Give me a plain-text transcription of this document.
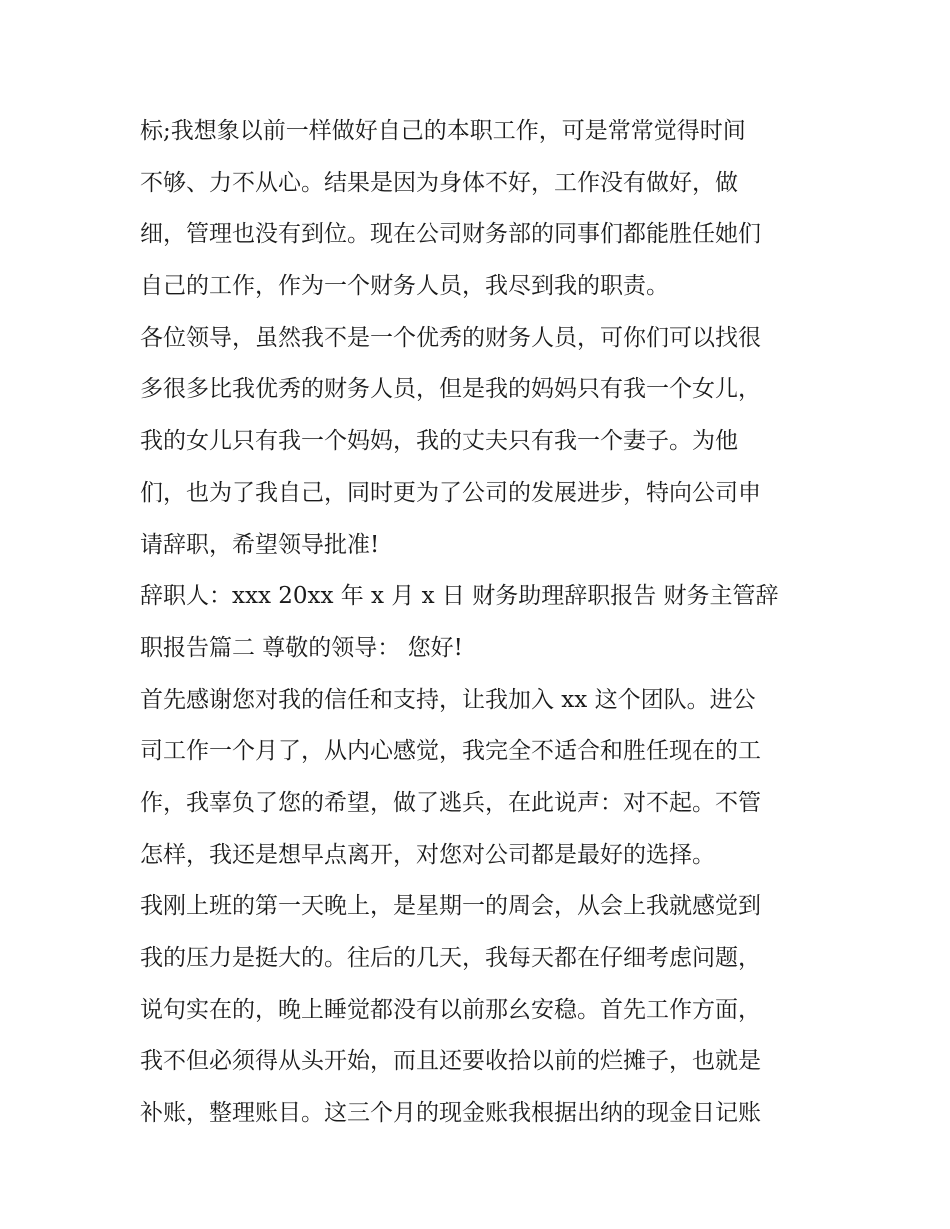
标;我想象以前一样做好自己的本职工作，可是常常觉得时间
不够、力不从心。结果是因为身体不好，工作没有做好，做
细，管理也没有到位。现在公司财务部的同事们都能胜任她们
自己的工作，作为一个财务人员，我尽到我的职责。
各位领导，虽然我不是一个优秀的财务人员，可你们可以找很
多很多比我优秀的财务人员，但是我的妈妈只有我一个女儿，
我的女儿只有我一个妈妈，我的丈夫只有我一个妻子。为他
们，也为了我自己，同时更为了公司的发展进步，特向公司申
请辞职，希望领导批准!
辞职人：xxx 20xx 年 x 月 x 日 财务助理辞职报告 财务主管辞
职报告篇二 尊敬的领导： 您好!
首先感谢您对我的信任和支持，让我加入 xx 这个团队。进公
司工作一个月了，从内心感觉，我完全不适合和胜任现在的工
作，我辜负了您的希望，做了逃兵，在此说声：对不起。不管
怎样，我还是想早点离开，对您对公司都是最好的选择。
我刚上班的第一天晚上，是星期一的周会，从会上我就感觉到
我的压力是挺大的。往后的几天，我每天都在仔细考虑问题，
说句实在的，晚上睡觉都没有以前那幺安稳。首先工作方面，
我不但必须得从头开始，而且还要收拾以前的烂摊子，也就是
补账，整理账目。这三个月的现金账我根据出纳的现金日记账
